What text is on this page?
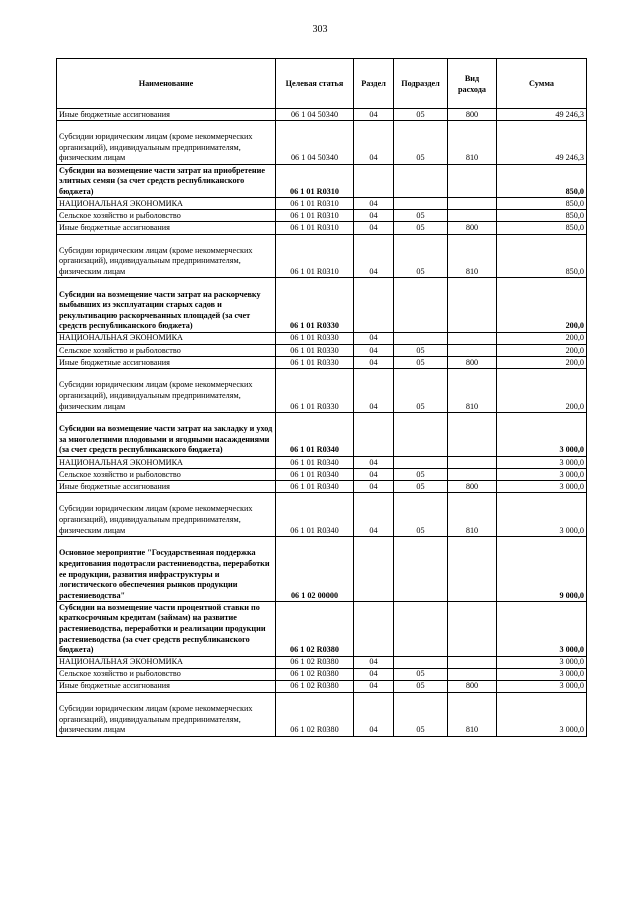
303
Наименование	Целевая статья	Раздел	Подраздел	Вид расхода	Сумма
Иные бюджетные ассигнования	06 1 04 50340	04	05	800	49 246,3
Субсидии юридическим лицам (кроме некоммерческих организаций), индивидуальным предпринимателям, физическим лицам	06 1 04 50340	04	05	810	49 246,3
Субсидии на возмещение части затрат на приобретение элитных семян (за счет средств республиканского бюджета)	06 1 01 R0310				850,0
НАЦИОНАЛЬНАЯ ЭКОНОМИКА	06 1 01 R0310	04			850,0
Сельское хозяйство и рыболовство	06 1 01 R0310	04	05		850,0
Иные бюджетные ассигнования	06 1 01 R0310	04	05	800	850,0
Субсидии юридическим лицам (кроме некоммерческих организаций), индивидуальным предпринимателям, физическим лицам	06 1 01 R0310	04	05	810	850,0
Субсидии на возмещение части затрат на раскорчевку выбывших из эксплуатации старых садов и рекультивацию раскорчеванных площадей (за счет средств республиканского бюджета)	06 1 01 R0330				200,0
НАЦИОНАЛЬНАЯ ЭКОНОМИКА	06 1 01 R0330	04			200,0
Сельское хозяйство и рыболовство	06 1 01 R0330	04	05		200,0
Иные бюджетные ассигнования	06 1 01 R0330	04	05	800	200,0
Субсидии юридическим лицам (кроме некоммерческих организаций), индивидуальным предпринимателям, физическим лицам	06 1 01 R0330	04	05	810	200,0
Субсидии на возмещение части затрат на закладку и уход за многолетними плодовыми и ягодными насаждениями (за счет средств республиканского бюджета)	06 1 01 R0340				3 000,0
НАЦИОНАЛЬНАЯ ЭКОНОМИКА	06 1 01 R0340	04			3 000,0
Сельское хозяйство и рыболовство	06 1 01 R0340	04	05		3 000,0
Иные бюджетные ассигнования	06 1 01 R0340	04	05	800	3 000,0
Субсидии юридическим лицам (кроме некоммерческих организаций), индивидуальным предпринимателям, физическим лицам	06 1 01 R0340	04	05	810	3 000,0
Основное мероприятие "Государственная поддержка кредитования подотрасли растениеводства, переработки ее продукции, развития инфраструктуры и логистического обеспечения рынков продукции растениеводства"	06 1 02 00000				9 000,0
Субсидии на возмещение части процентной ставки по краткосрочным кредитам (займам) на развитие растениеводства, переработки и реализации продукции растениеводства (за счет средств республиканского бюджета)	06 1 02 R0380				3 000,0
НАЦИОНАЛЬНАЯ ЭКОНОМИКА	06 1 02 R0380	04			3 000,0
Сельское хозяйство и рыболовство	06 1 02 R0380	04	05		3 000,0
Иные бюджетные ассигнования	06 1 02 R0380	04	05	800	3 000,0
Субсидии юридическим лицам (кроме некоммерческих организаций), индивидуальным предпринимателям, физическим лицам	06 1 02 R0380	04	05	810	3 000,0
